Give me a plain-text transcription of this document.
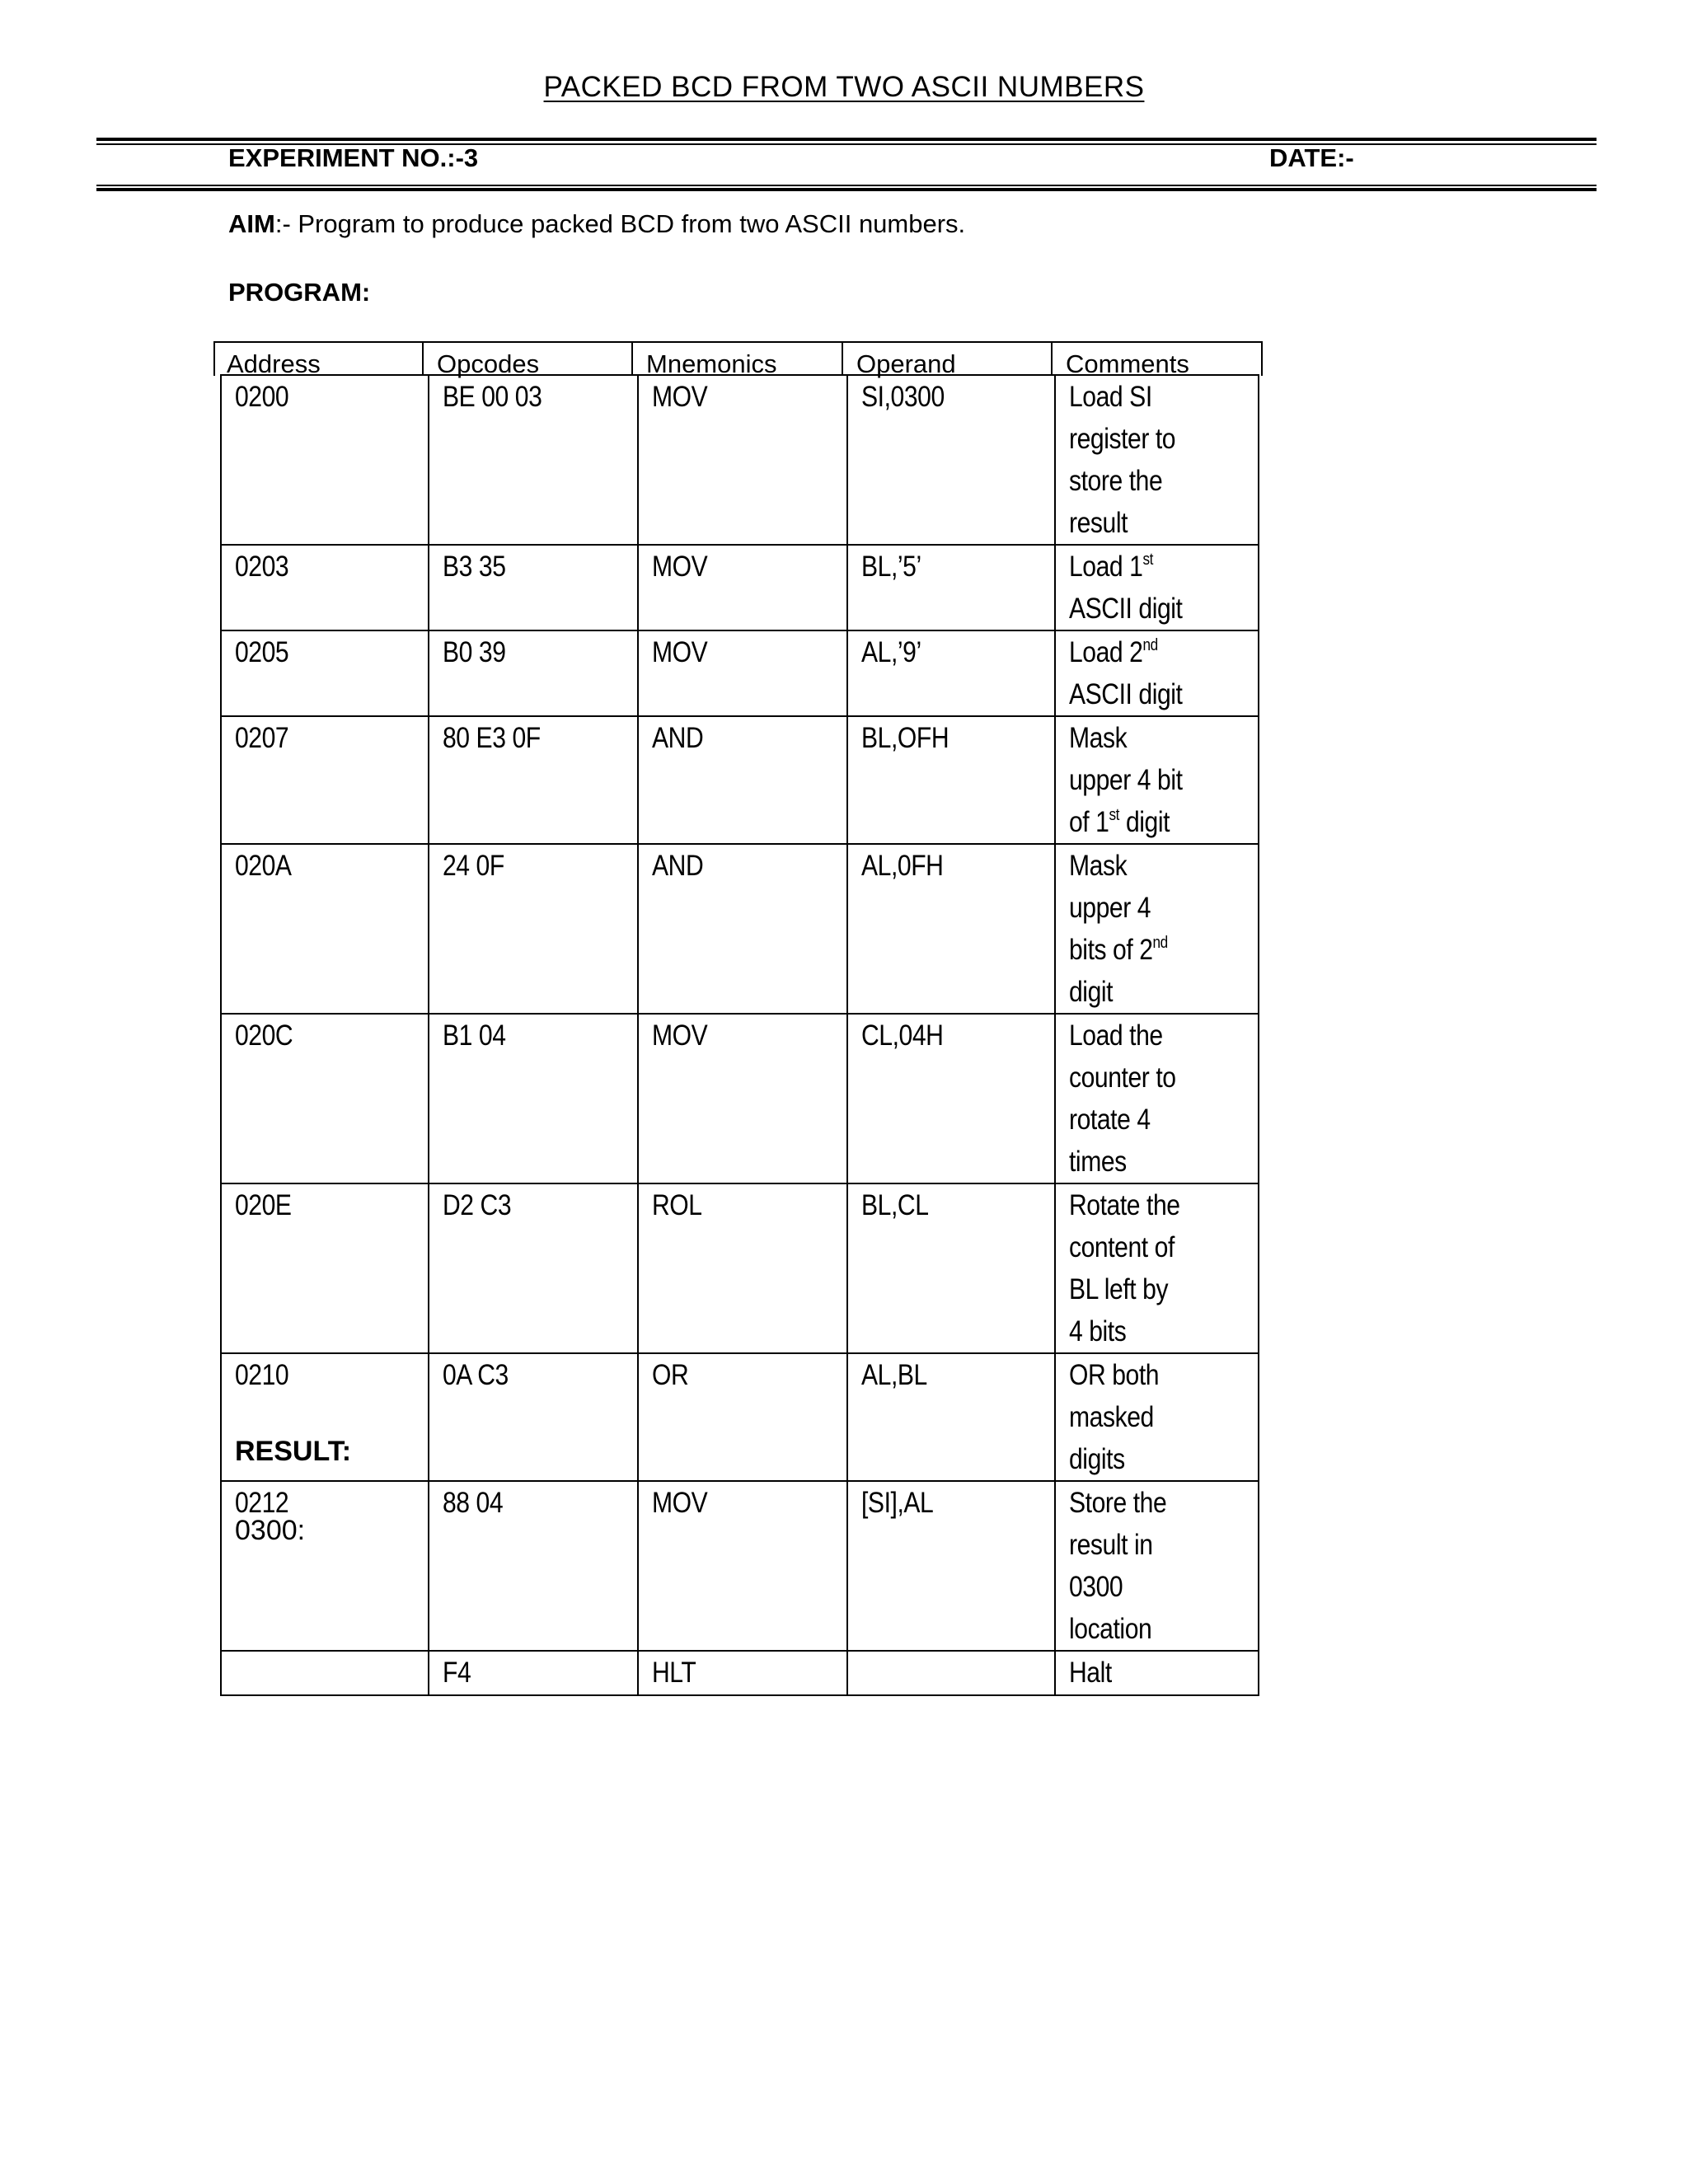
PACKED BCD FROM TWO ASCII NUMBERS
EXPERIMENT NO.:-3	DATE:-
AIM:- Program to produce packed BCD from two ASCII numbers.
PROGRAM:
Address	Opcodes	Mnemonics	Operand	Comments
0200	BE 00 03	MOV	SI,0300	Load SI register to store the result
0203	B3 35	MOV	BL,’5’	Load 1st ASCII digit
0205	B0 39	MOV	AL,’9’	Load 2nd ASCII digit
0207	80 E3 0F	AND	BL,OFH	Mask upper 4 bit of 1st digit
020A	24 0F	AND	AL,0FH	Mask upper 4 bits of 2nd digit
020C	B1 04	MOV	CL,04H	Load the counter to rotate 4 times
020E	D2 C3	ROL	BL,CL	Rotate the content of BL left by 4 bits
0210	0A C3	OR	AL,BL	OR both masked digits
0212	88 04	MOV	[SI],AL	Store the result in 0300 location
	F4	HLT		Halt
RESULT:
0300:
